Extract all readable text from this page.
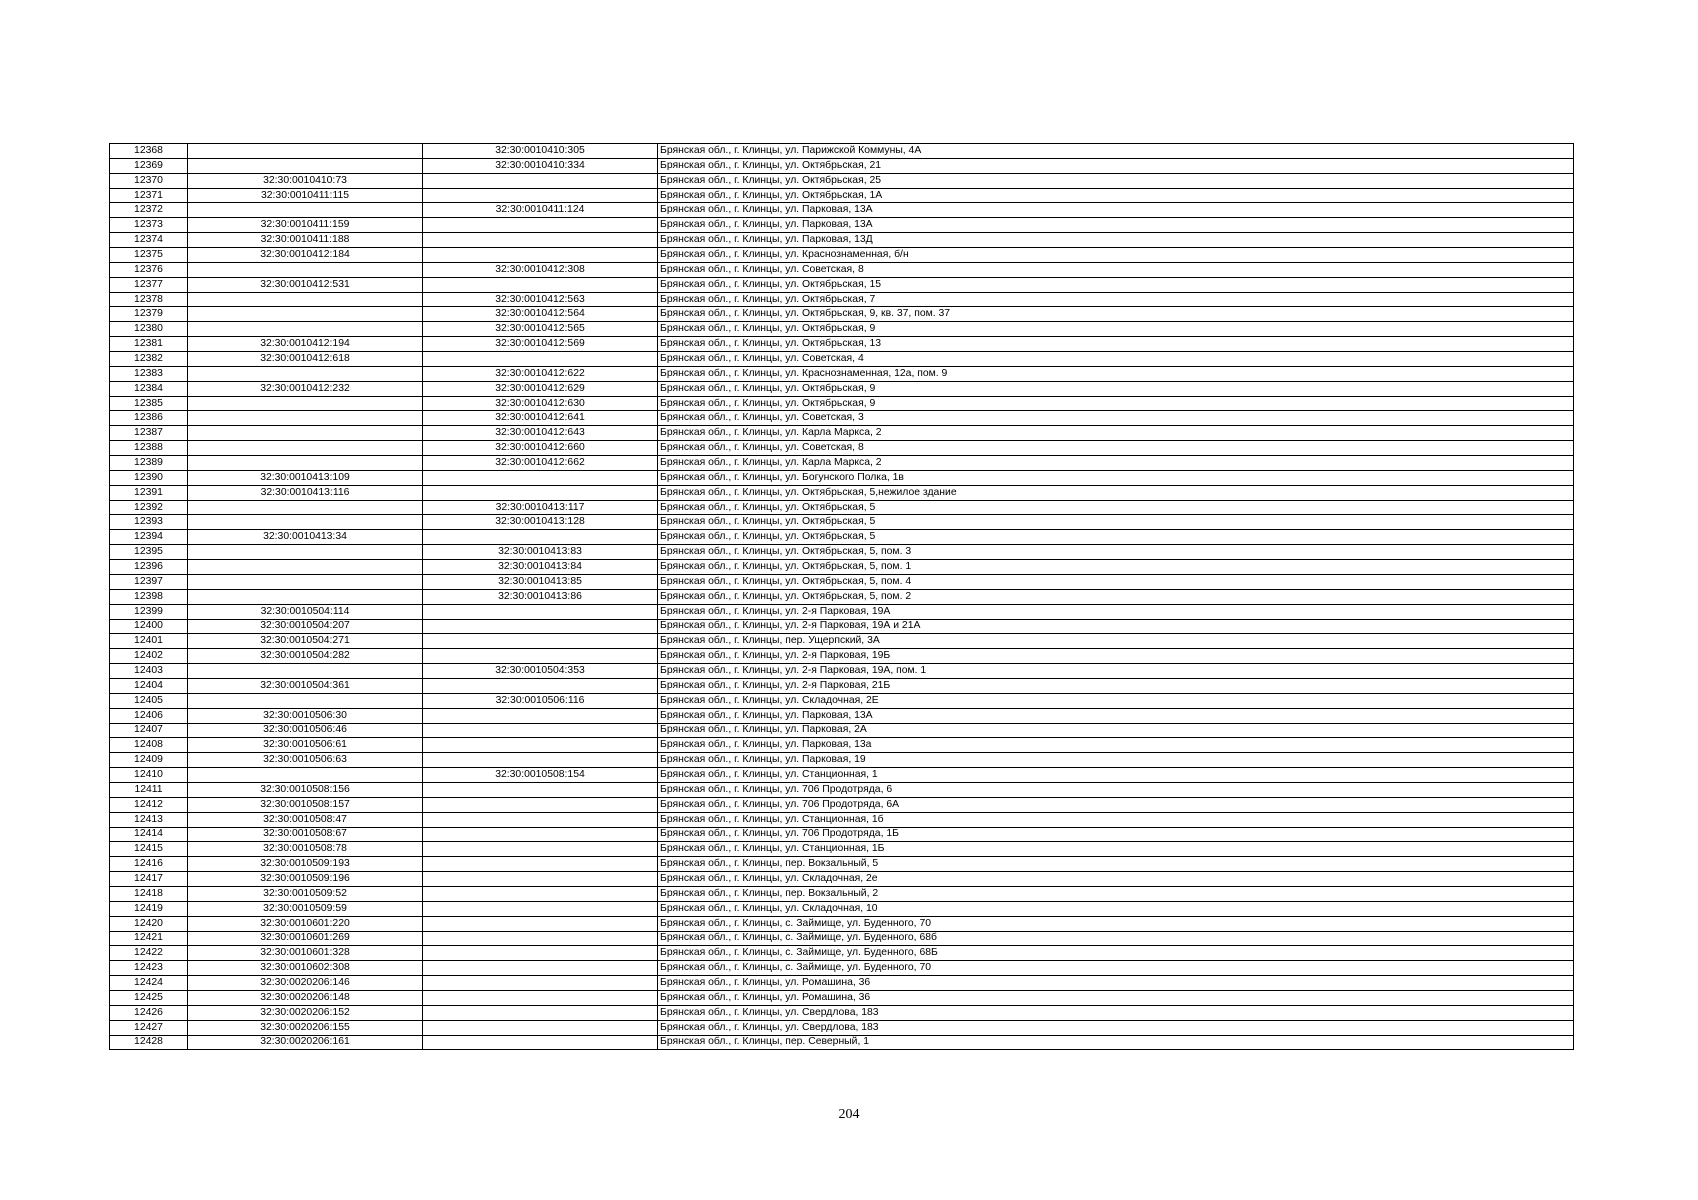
12368		32:30:0010410:305	Брянская обл., г. Клинцы, ул. Парижской Коммуны, 4А
12369		32:30:0010410:334	Брянская обл., г. Клинцы, ул. Октябрьская, 21
12370	32:30:0010410:73		Брянская обл., г. Клинцы, ул. Октябрьская, 25
12371	32:30:0010411:115		Брянская обл., г. Клинцы, ул. Октябрьская, 1А
12372		32:30:0010411:124	Брянская обл., г. Клинцы, ул. Парковая, 13А
12373	32:30:0010411:159		Брянская обл., г. Клинцы, ул. Парковая, 13А
12374	32:30:0010411:188		Брянская обл., г. Клинцы, ул. Парковая, 13Д
12375	32:30:0010412:184		Брянская обл., г. Клинцы, ул. Краснознаменная, б/н
12376		32:30:0010412:308	Брянская обл., г. Клинцы, ул. Советская, 8
12377	32:30:0010412:531		Брянская обл., г. Клинцы, ул. Октябрьская, 15
12378		32:30:0010412:563	Брянская обл., г. Клинцы, ул. Октябрьская, 7
12379		32:30:0010412:564	Брянская обл., г. Клинцы, ул. Октябрьская, 9, кв. 37, пом. 37
12380		32:30:0010412:565	Брянская обл., г. Клинцы, ул. Октябрьская, 9
12381	32:30:0010412:194	32:30:0010412:569	Брянская обл., г. Клинцы, ул. Октябрьская, 13
12382	32:30:0010412:618		Брянская обл., г. Клинцы, ул. Советская, 4
12383		32:30:0010412:622	Брянская обл., г. Клинцы, ул. Краснознаменная, 12а, пом. 9
12384	32:30:0010412:232	32:30:0010412:629	Брянская обл., г. Клинцы, ул. Октябрьская, 9
12385		32:30:0010412:630	Брянская обл., г. Клинцы, ул. Октябрьская, 9
12386		32:30:0010412:641	Брянская обл., г. Клинцы, ул. Советская, 3
12387		32:30:0010412:643	Брянская обл., г. Клинцы, ул. Карла Маркса, 2
12388		32:30:0010412:660	Брянская обл., г. Клинцы, ул. Советская, 8
12389		32:30:0010412:662	Брянская обл., г. Клинцы, ул. Карла Маркса, 2
12390	32:30:0010413:109		Брянская обл., г. Клинцы, ул. Богунского Полка, 1в
12391	32:30:0010413:116		Брянская обл., г. Клинцы, ул. Октябрьская, 5,нежилое здание
12392		32:30:0010413:117	Брянская обл., г. Клинцы, ул. Октябрьская, 5
12393		32:30:0010413:128	Брянская обл., г. Клинцы, ул. Октябрьская, 5
12394	32:30:0010413:34		Брянская обл., г. Клинцы, ул. Октябрьская, 5
12395		32:30:0010413:83	Брянская обл., г. Клинцы, ул. Октябрьская, 5, пом. 3
12396		32:30:0010413:84	Брянская обл., г. Клинцы, ул. Октябрьская, 5, пом. 1
12397		32:30:0010413:85	Брянская обл., г. Клинцы, ул. Октябрьская, 5, пом. 4
12398		32:30:0010413:86	Брянская обл., г. Клинцы, ул. Октябрьская, 5, пом. 2
12399	32:30:0010504:114		Брянская обл., г. Клинцы, ул. 2-я Парковая, 19А
12400	32:30:0010504:207		Брянская обл., г. Клинцы, ул. 2-я Парковая, 19А и 21А
12401	32:30:0010504:271		Брянская обл., г. Клинцы, пер. Ущерпский, 3А
12402	32:30:0010504:282		Брянская обл., г. Клинцы, ул. 2-я Парковая, 19Б
12403		32:30:0010504:353	Брянская обл., г. Клинцы, ул. 2-я Парковая, 19А, пом. 1
12404	32:30:0010504:361		Брянская обл., г. Клинцы, ул. 2-я Парковая, 21Б
12405		32:30:0010506:116	Брянская обл., г. Клинцы, ул. Складочная, 2Е
12406	32:30:0010506:30		Брянская обл., г. Клинцы, ул. Парковая, 13А
12407	32:30:0010506:46		Брянская обл., г. Клинцы, ул. Парковая, 2А
12408	32:30:0010506:61		Брянская обл., г. Клинцы, ул. Парковая, 13а
12409	32:30:0010506:63		Брянская обл., г. Клинцы, ул. Парковая, 19
12410		32:30:0010508:154	Брянская обл., г. Клинцы, ул. Станционная, 1
12411	32:30:0010508:156		Брянская обл., г. Клинцы, ул. 706 Продотряда, 6
12412	32:30:0010508:157		Брянская обл., г. Клинцы, ул. 706 Продотряда, 6А
12413	32:30:0010508:47		Брянская обл., г. Клинцы, ул. Станционная, 1б
12414	32:30:0010508:67		Брянская обл., г. Клинцы, ул. 706 Продотряда, 1Б
12415	32:30:0010508:78		Брянская обл., г. Клинцы, ул. Станционная, 1Б
12416	32:30:0010509:193		Брянская обл., г. Клинцы, пер. Вокзальный, 5
12417	32:30:0010509:196		Брянская обл., г. Клинцы, ул. Складочная, 2е
12418	32:30:0010509:52		Брянская обл., г. Клинцы, пер. Вокзальный, 2
12419	32:30:0010509:59		Брянская обл., г. Клинцы, ул. Складочная, 10
12420	32:30:0010601:220		Брянская обл., г. Клинцы, с. Займище, ул. Буденного, 70
12421	32:30:0010601:269		Брянская обл., г. Клинцы, с. Займище, ул. Буденного, 68б
12422	32:30:0010601:328		Брянская обл., г. Клинцы, с. Займище, ул. Буденного, 68Б
12423	32:30:0010602:308		Брянская обл., г. Клинцы, с. Займище, ул. Буденного, 70
12424	32:30:0020206:146		Брянская обл., г. Клинцы, ул. Ромашина, 36
12425	32:30:0020206:148		Брянская обл., г. Клинцы, ул. Ромашина, 36
12426	32:30:0020206:152		Брянская обл., г. Клинцы, ул. Свердлова, 183
12427	32:30:0020206:155		Брянская обл., г. Клинцы, ул. Свердлова, 183
12428	32:30:0020206:161		Брянская обл., г. Клинцы, пер. Северный, 1
204
